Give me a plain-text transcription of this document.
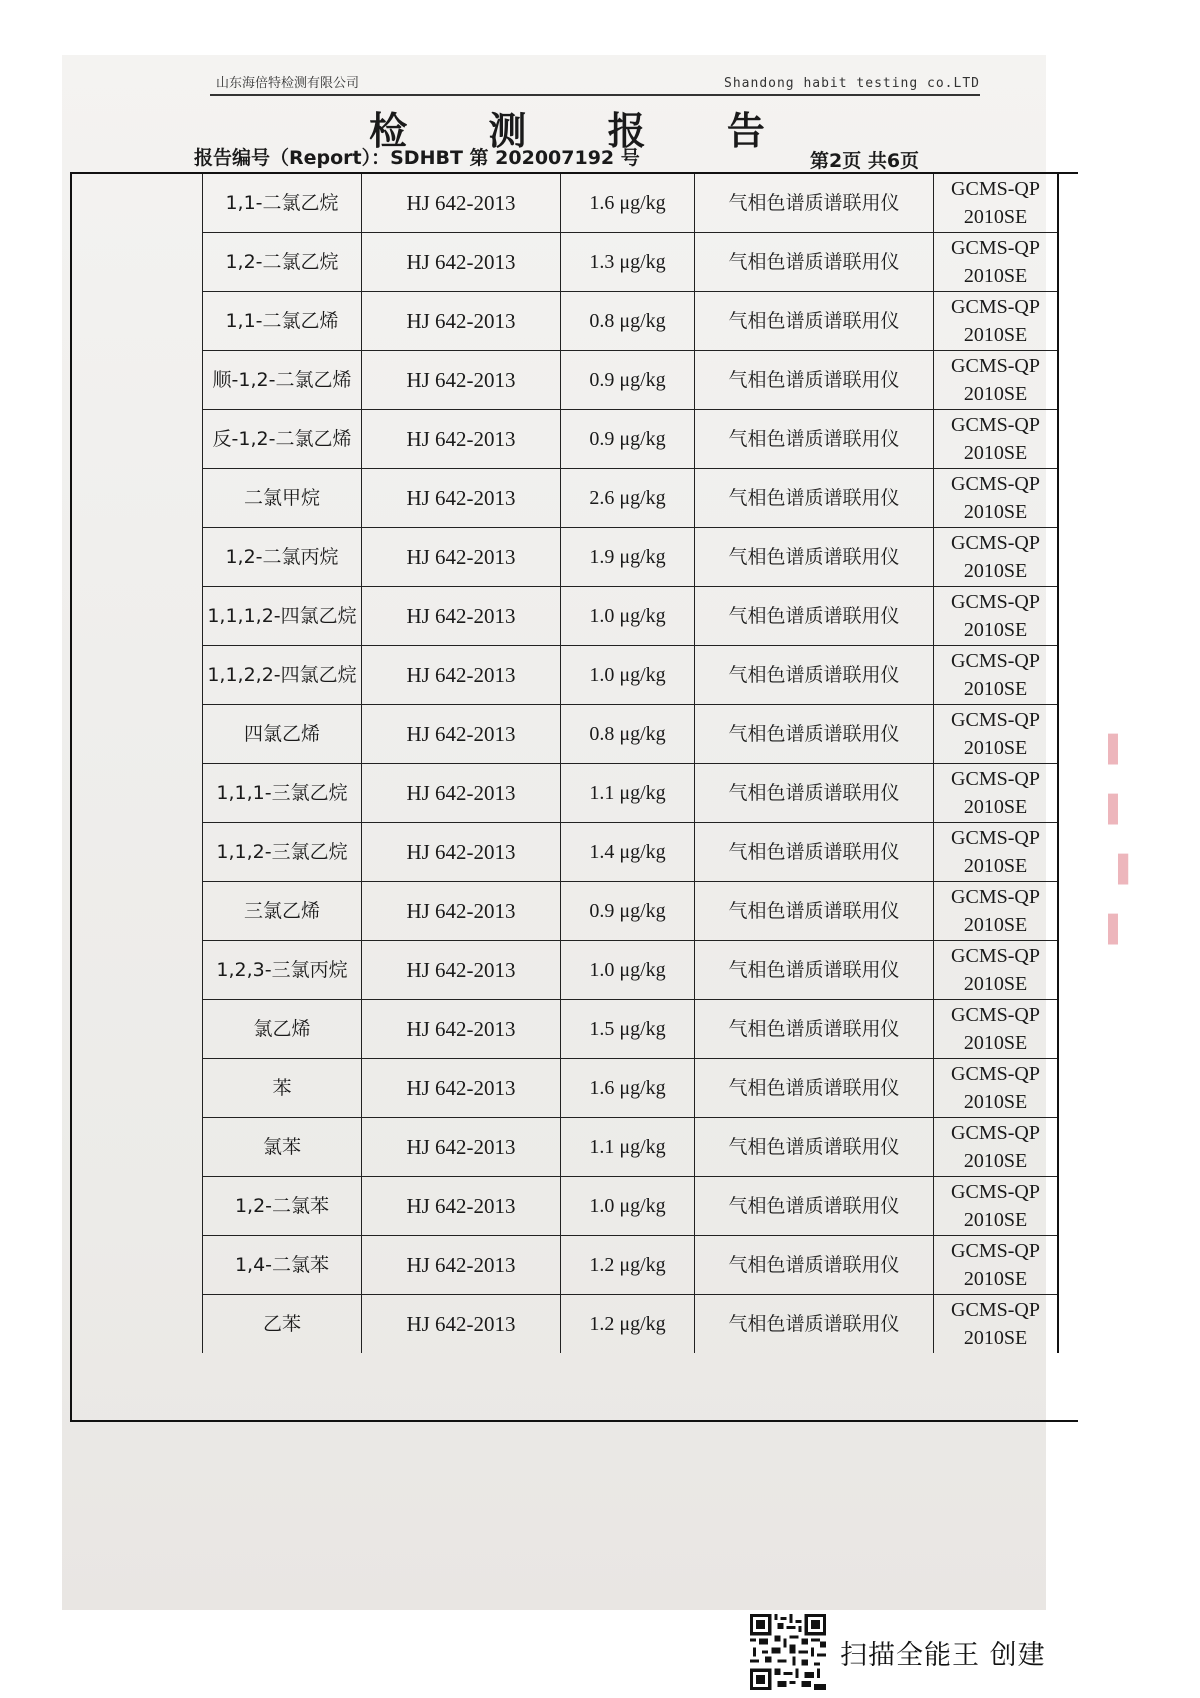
▌
▌
▐
▌
山东海倍特检测有限公司	Shandong habit testing co.LTD
检 测 报 告
报告编号（Report）：SDHBT 第 202007192 号	第2页 共6页
1,1-二氯乙烷	HJ 642-2013	1.6 μg/kg	气相色谱质谱联用仪	GCMS-QP 2010SE
1,2-二氯乙烷	HJ 642-2013	1.3 μg/kg	气相色谱质谱联用仪	GCMS-QP 2010SE
1,1-二氯乙烯	HJ 642-2013	0.8 μg/kg	气相色谱质谱联用仪	GCMS-QP 2010SE
顺-1,2-二氯乙烯	HJ 642-2013	0.9 μg/kg	气相色谱质谱联用仪	GCMS-QP 2010SE
反-1,2-二氯乙烯	HJ 642-2013	0.9 μg/kg	气相色谱质谱联用仪	GCMS-QP 2010SE
二氯甲烷	HJ 642-2013	2.6 μg/kg	气相色谱质谱联用仪	GCMS-QP 2010SE
1,2-二氯丙烷	HJ 642-2013	1.9 μg/kg	气相色谱质谱联用仪	GCMS-QP 2010SE
1,1,1,2-四氯乙烷	HJ 642-2013	1.0 μg/kg	气相色谱质谱联用仪	GCMS-QP 2010SE
1,1,2,2-四氯乙烷	HJ 642-2013	1.0 μg/kg	气相色谱质谱联用仪	GCMS-QP 2010SE
四氯乙烯	HJ 642-2013	0.8 μg/kg	气相色谱质谱联用仪	GCMS-QP 2010SE
1,1,1-三氯乙烷	HJ 642-2013	1.1 μg/kg	气相色谱质谱联用仪	GCMS-QP 2010SE
1,1,2-三氯乙烷	HJ 642-2013	1.4 μg/kg	气相色谱质谱联用仪	GCMS-QP 2010SE
三氯乙烯	HJ 642-2013	0.9 μg/kg	气相色谱质谱联用仪	GCMS-QP 2010SE
1,2,3-三氯丙烷	HJ 642-2013	1.0 μg/kg	气相色谱质谱联用仪	GCMS-QP 2010SE
氯乙烯	HJ 642-2013	1.5 μg/kg	气相色谱质谱联用仪	GCMS-QP 2010SE
苯	HJ 642-2013	1.6 μg/kg	气相色谱质谱联用仪	GCMS-QP 2010SE
氯苯	HJ 642-2013	1.1 μg/kg	气相色谱质谱联用仪	GCMS-QP 2010SE
1,2-二氯苯	HJ 642-2013	1.0 μg/kg	气相色谱质谱联用仪	GCMS-QP 2010SE
1,4-二氯苯	HJ 642-2013	1.2 μg/kg	气相色谱质谱联用仪	GCMS-QP 2010SE
乙苯	HJ 642-2013	1.2 μg/kg	气相色谱质谱联用仪	GCMS-QP 2010SE
扫描全能王 创建
